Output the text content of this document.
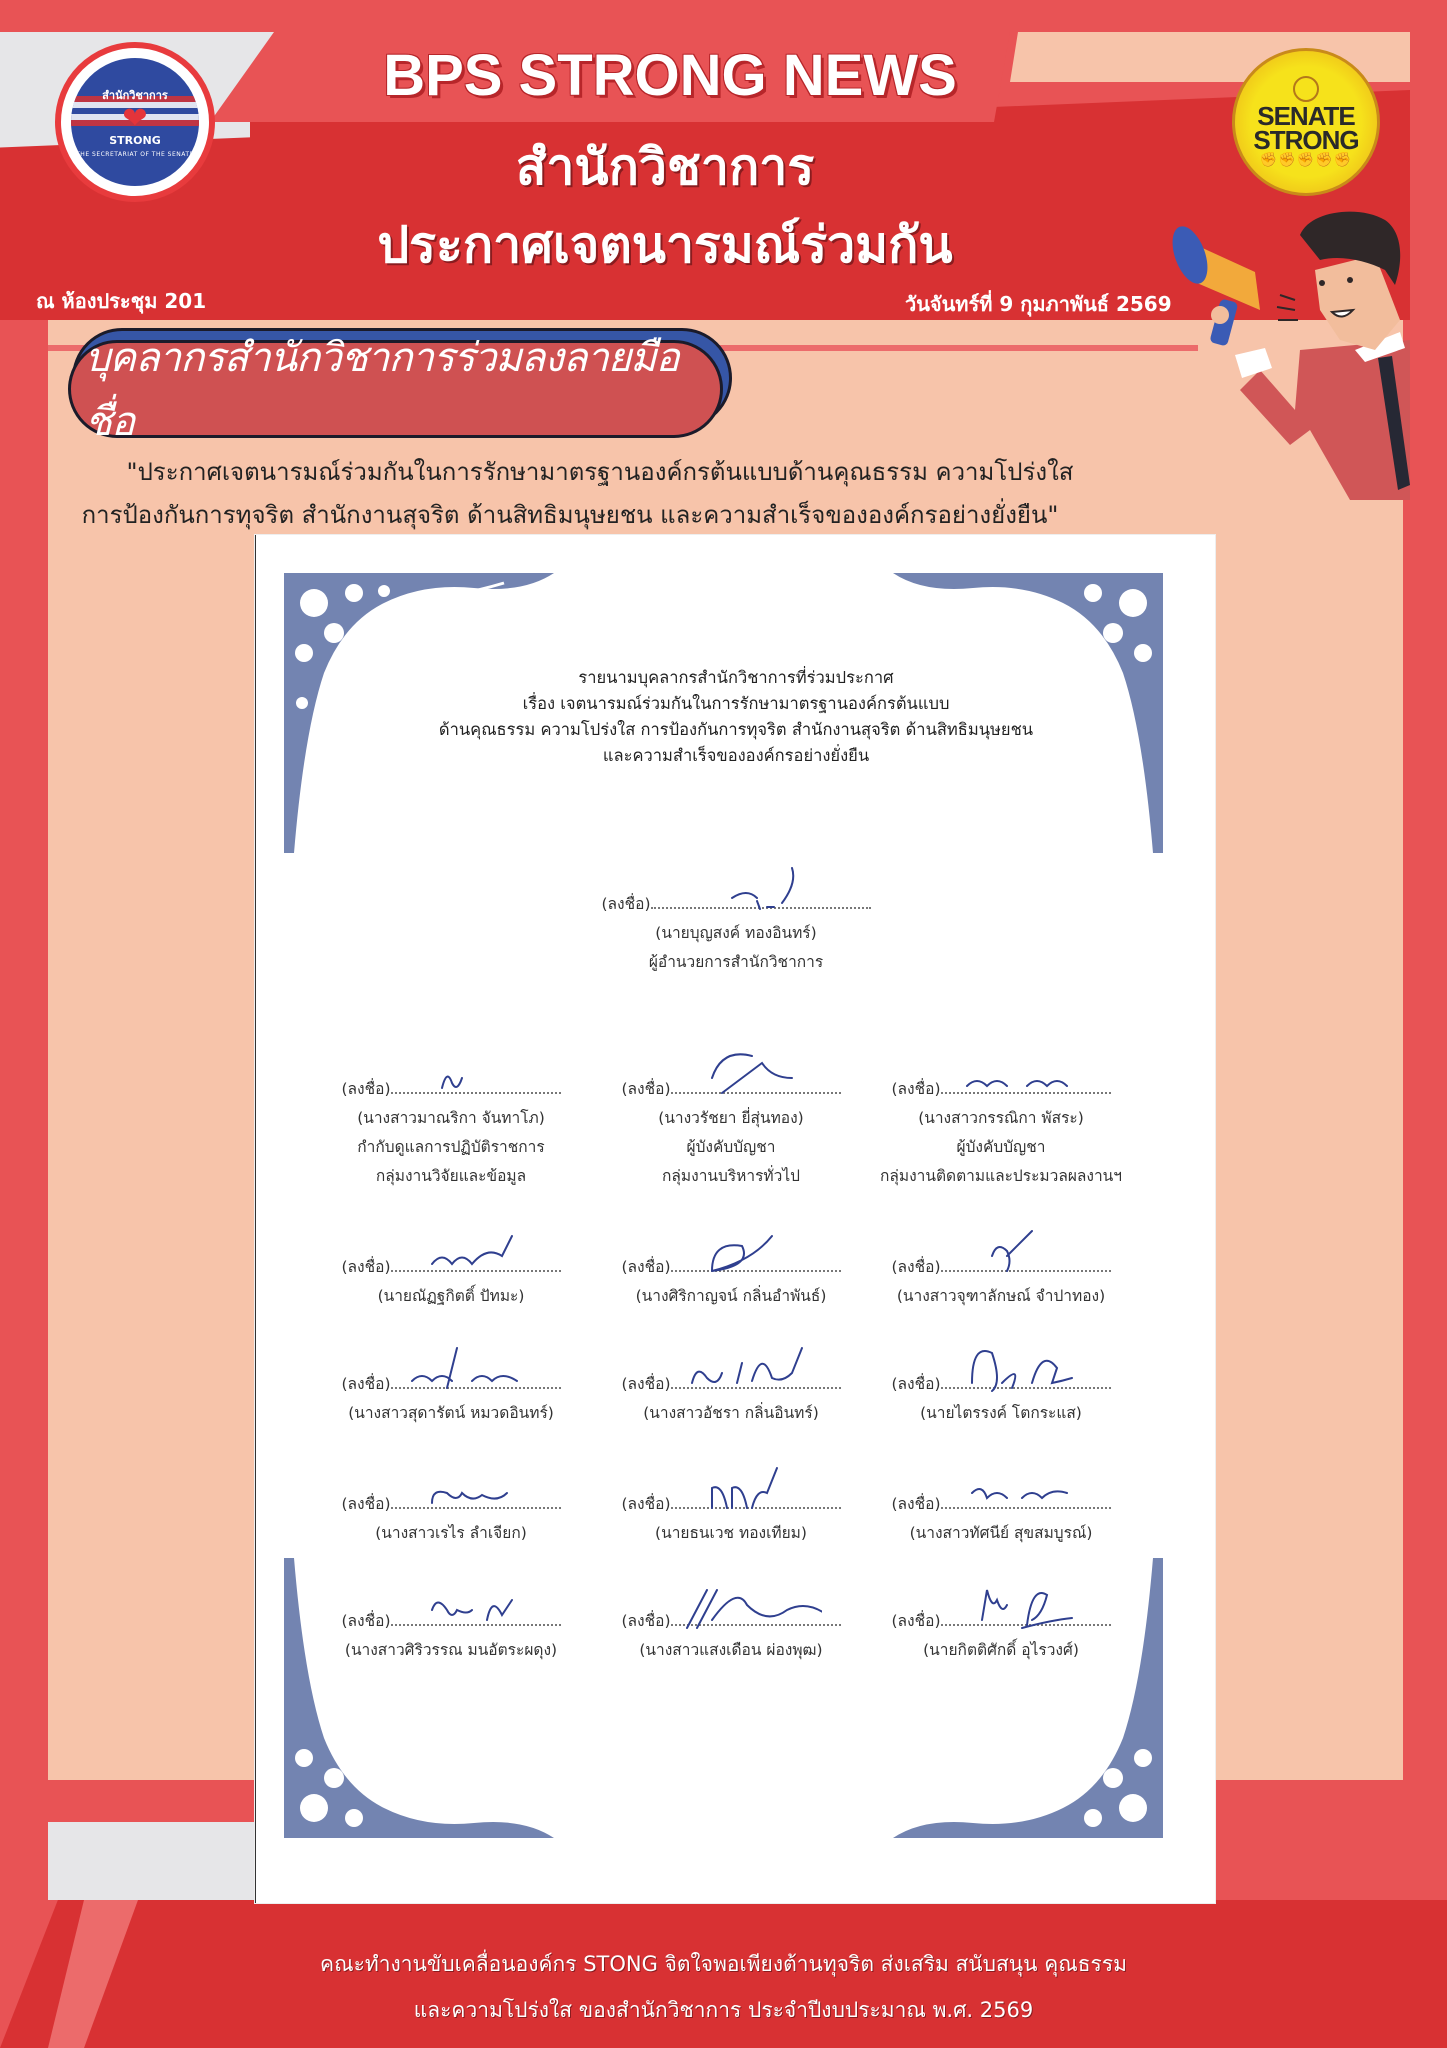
สำนักวิชาการ
❤
STRONG
THE SECRETARIAT OF THE SENATE
BPS STRONG NEWS
สำนักวิชาการ
ประกาศเจตนารมณ์ร่วมกัน
ณ ห้องประชุม 201	วันจันทร์ที่ 9 กุมภาพันธ์ 2569
SENATE
STRONG
✊✊✊✊✊
บุคลากรสำนักวิชาการร่วมลงลายมือชื่อ
"ประกาศเจตนารมณ์ร่วมกันในการรักษามาตรฐานองค์กรต้นแบบด้านคุณธรรม ความโปร่งใส
การป้องกันการทุจริต สำนักงานสุจริต ด้านสิทธิมนุษยชน และความสำเร็จขององค์กรอย่างยั่งยืน"
รายนามบุคลากรสำนักวิชาการที่ร่วมประกาศ
เรื่อง เจตนารมณ์ร่วมกันในการรักษามาตรฐานองค์กรต้นแบบ
ด้านคุณธรรม ความโปร่งใส การป้องกันการทุจริต สำนักงานสุจริต ด้านสิทธิมนุษยชน
และความสำเร็จขององค์กรอย่างยั่งยืน
(ลงชื่อ)
(นายบุญสงค์ ทองอินทร์)
ผู้อำนวยการสำนักวิชาการ
(ลงชื่อ)
(นางสาวมาณริกา จันทาโภ)
กำกับดูแลการปฏิบัติราชการ
กลุ่มงานวิจัยและข้อมูล
(ลงชื่อ)
(นางวรัชยา ยี่สุ่นทอง)
ผู้บังคับบัญชา
กลุ่มงานบริหารทั่วไป
(ลงชื่อ)
(นางสาวกรรณิกา พัสระ)
ผู้บังคับบัญชา
กลุ่มงานติดตามและประมวลผลงานฯ
(ลงชื่อ)
(นายณัฏฐกิตติ์ ปัทมะ)
(ลงชื่อ)
(นางศิริกาญจน์ กลิ่นอำพันธ์)
(ลงชื่อ)
(นางสาวจุฑาลักษณ์ จำปาทอง)
(ลงชื่อ)
(นางสาวสุดารัตน์ หมวดอินทร์)
(ลงชื่อ)
(นางสาวอัชรา กลิ่นอินทร์)
(ลงชื่อ)
(นายไตรรงค์ โตกระแส)
(ลงชื่อ)
(นางสาวเรไร ลำเจียก)
(ลงชื่อ)
(นายธนเวช ทองเทียม)
(ลงชื่อ)
(นางสาวทัศนีย์ สุขสมบูรณ์)
(ลงชื่อ)
(นางสาวศิริวรรณ มนอัตระผดุง)
(ลงชื่อ)
(นางสาวแสงเดือน ผ่องพุฒ)
(ลงชื่อ)
(นายกิตติศักดิ์ อุไรวงศ์)
คณะทำงานขับเคลื่อนองค์กร STONG จิตใจพอเพียงต้านทุจริต ส่งเสริม สนับสนุน คุณธรรม
และความโปร่งใส ของสำนักวิชาการ ประจำปีงบประมาณ พ.ศ. 2569
